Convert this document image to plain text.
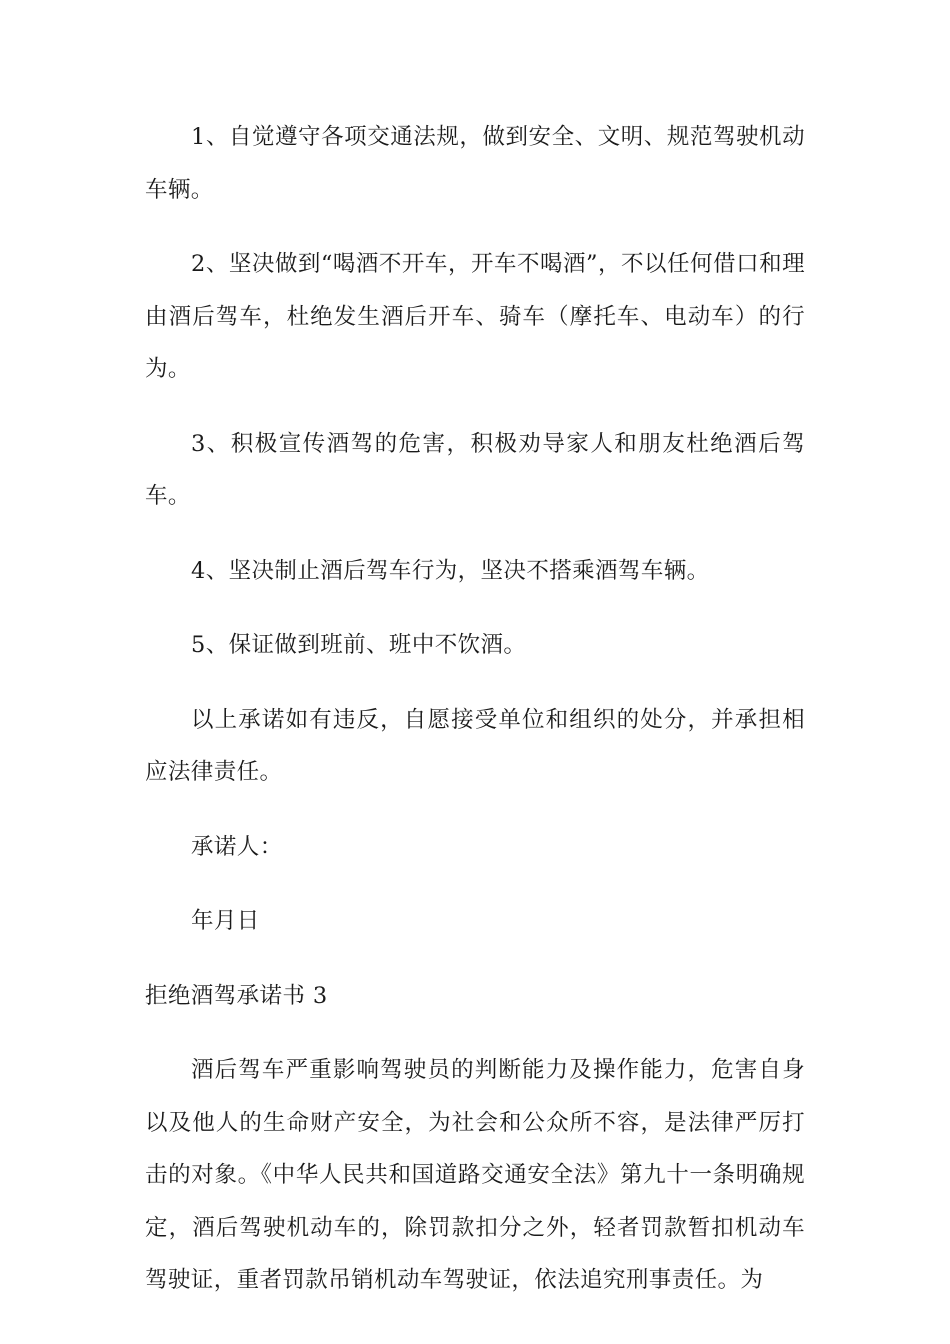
1、自觉遵守各项交通法规，做到安全、文明、规范驾驶机动车辆。

2、坚决做到“喝酒不开车，开车不喝酒”，不以任何借口和理由酒后驾车，杜绝发生酒后开车、骑车（摩托车、电动车）的行为。

3、积极宣传酒驾的危害，积极劝导家人和朋友杜绝酒后驾车。

4、坚决制止酒后驾车行为，坚决不搭乘酒驾车辆。

5、保证做到班前、班中不饮酒。

以上承诺如有违反，自愿接受单位和组织的处分，并承担相应法律责任。

承诺人：

年月日

拒绝酒驾承诺书 3

酒后驾车严重影响驾驶员的判断能力及操作能力，危害自身以及他人的生命财产安全，为社会和公众所不容，是法律严厉打击的对象。《中华人民共和国道路交通安全法》第九十一条明确规定，酒后驾驶机动车的，除罚款扣分之外，轻者罚款暂扣机动车驾驶证，重者罚款吊销机动车驾驶证，依法追究刑事责任。为
